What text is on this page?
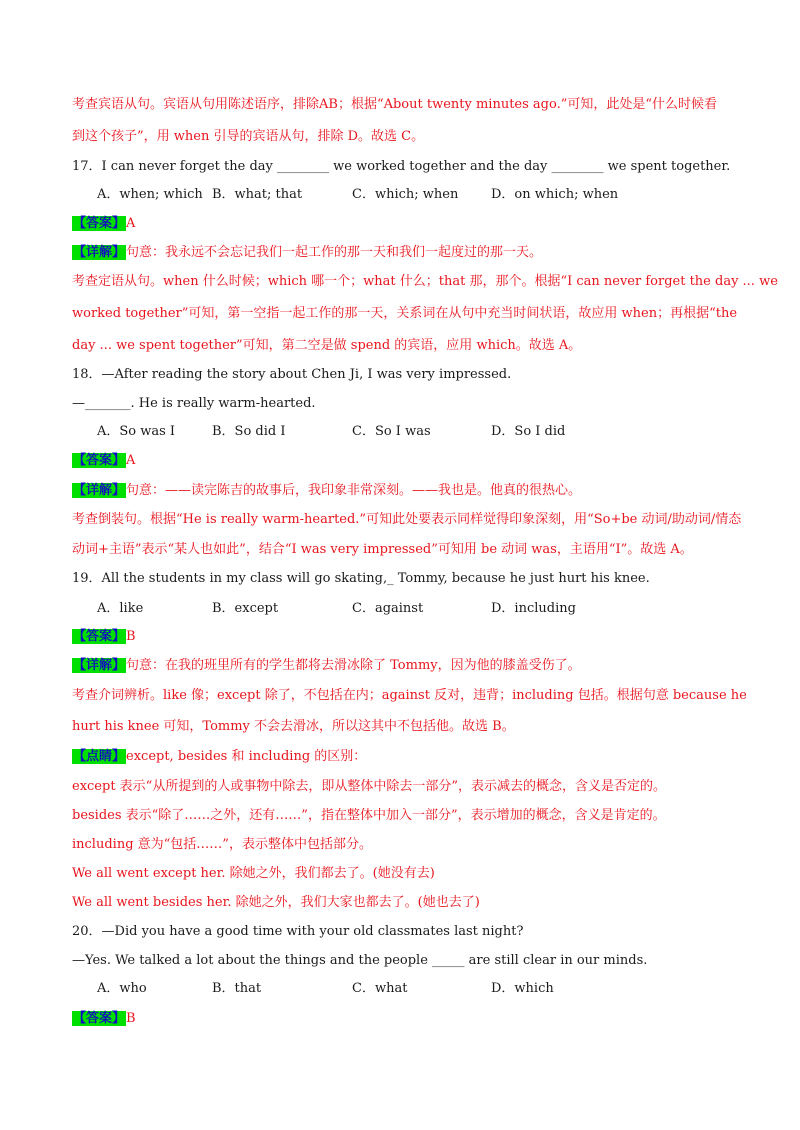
考查宾语从句。宾语从句用陈述语序，排除AB；根据“About twenty minutes ago.”可知，此处是“什么时候看
到这个孩子”，用 when 引导的宾语从句，排除 D。故选 C。
17．I can never forget the day ________ we worked together and the day ________ we spent together.
A．when; which B．what; that	C．which; when	D．on which; when
【答案】A
【详解】句意：我永远不会忘记我们一起工作的那一天和我们一起度过的那一天。
考查定语从句。when 什么时候；which 哪一个；what 什么；that 那，那个。根据“I can never forget the day ... we
worked together”可知，第一空指一起工作的那一天，关系词在从句中充当时间状语，故应用 when；再根据“the
day ... we spent together”可知，第二空是做 spend 的宾语，应用 which。故选 A。
18．—After reading the story about Chen Ji, I was very impressed.
—_______. He is really warm-hearted.
A．So was I	B．So did I	C．So I was	D．So I did
【答案】A
【详解】句意：——读完陈吉的故事后，我印象非常深刻。——我也是。他真的很热心。
考查倒装句。根据“He is really warm-hearted.”可知此处要表示同样觉得印象深刻，用“So+be 动词/助动词/情态
动词+主语”表示“某人也如此”，结合“I was very impressed”可知用 be 动词 was，主语用“I”。故选 A。
19．All the students in my class will go skating,_ Tommy, because he just hurt his knee.
A．like	B．except	C．against	D．including
【答案】B
【详解】句意：在我的班里所有的学生都将去滑冰除了 Tommy，因为他的膝盖受伤了。
考查介词辨析。like 像；except 除了，不包括在内；against 反对，违背；including 包括。根据句意 because he
hurt his knee 可知，Tommy 不会去滑冰，所以这其中不包括他。故选 B。
【点睛】except, besides 和 including 的区别：
except 表示“从所提到的人或事物中除去，即从整体中除去一部分”，表示减去的概念，含义是否定的。
besides 表示“除了……之外，还有……”，指在整体中加入一部分”，表示增加的概念，含义是肯定的。
including 意为“包括……”，表示整体中包括部分。
We all went except her. 除她之外，我们都去了。(她没有去)
We all went besides her. 除她之外，我们大家也都去了。(她也去了)
20．—Did you have a good time with your old classmates last night?
—Yes. We talked a lot about the things and the people _____ are still clear in our minds.
A．who	B．that	C．what	D．which
【答案】B
